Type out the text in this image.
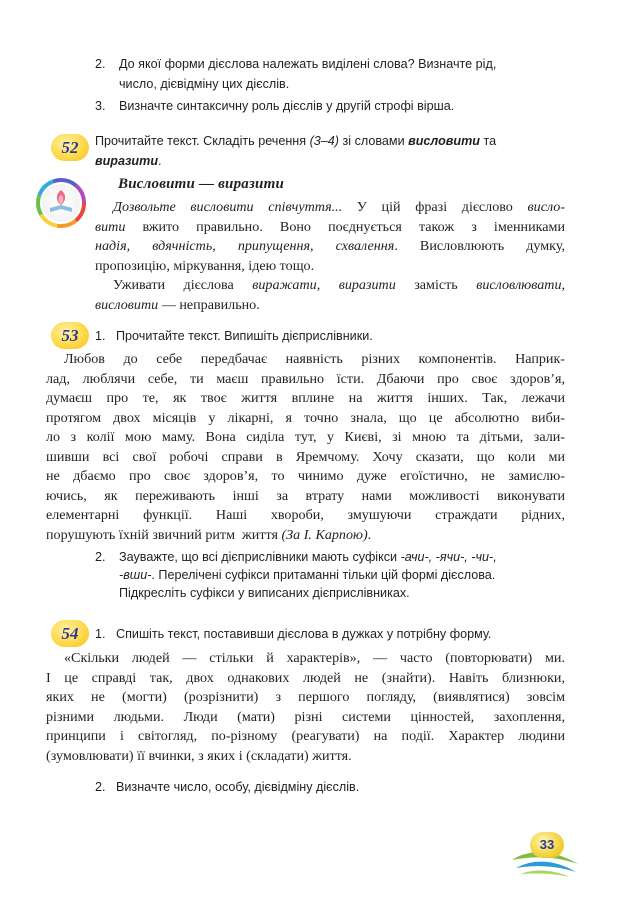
2. До якої форми дієслова належать виділені слова? Визначте рід,
число, дієвідміну цих дієслів.
3. Визначте синтаксичну роль дієслів у другій строфі вірша.
52	Прочитайте текст. Складіть речення (3–4) зі словами висловити та
виразити.
Висловити — виразити
Дозвольте висловити співчуття... У цій фразі дієслово висло-
вити вжито правильно. Воно поєднується також з іменниками
надія, вдячність, припущення, схвалення. Висловлюють думку,
пропозицію, міркування, ідею тощо.
Уживати дієслова виражати, виразити замість висловлювати,
висловити — неправильно.
53	1.   Прочитайте текст. Випишіть дієприслівники.
Любов до себе передбачає наявність різних компонентів. Наприк-
лад, люблячи себе, ти маєш правильно їсти. Дбаючи про своє здоров’я,
думаєш про те, як твоє життя вплине на життя інших. Так, лежачи
протягом двох місяців у лікарні, я точно знала, що це абсолютно виби-
ло з колії мою маму. Вона сиділа тут, у Києві, зі мною та дітьми, зали-
шивши всі свої робочі справи в Яремчому. Хочу сказати, що коли ми
не дбаємо про своє здоров’я, то чинимо дуже егоїстично, не замислю-
ючись, як переживають інші за втрату нами можливості виконувати
елементарні функції. Наші хвороби, змушуючи страждати рідних,
порушують їхній звичний ритм  життя (За І. Карпою).
2. Зауважте, що всі дієприслівники мають суфікси -ачи-, -ячи-, -чи-,
-вши-. Перелічені суфікси притаманні тільки цій формі дієслова.
Підкресліть суфікси у виписаних дієприслівниках.
54	1.   Спишіть текст, поставивши дієслова в дужках у потрібну форму.
«Скільки людей — стільки й характерів», — часто (повторювати) ми.
І це справді так, двох однакових людей не (знайти). Навіть близнюки,
яких не (могти) (розрізнити) з першого погляду, (виявлятися) зовсім
різними людьми. Люди (мати) різні системи цінностей, захоплення,
принципи і світогляд, по-різному (реагувати) на події. Характер людини
(зумовлювати) її вчинки, з яких і (складати) життя.
2.   Визначте число, особу, дієвідміну дієслів.
33
